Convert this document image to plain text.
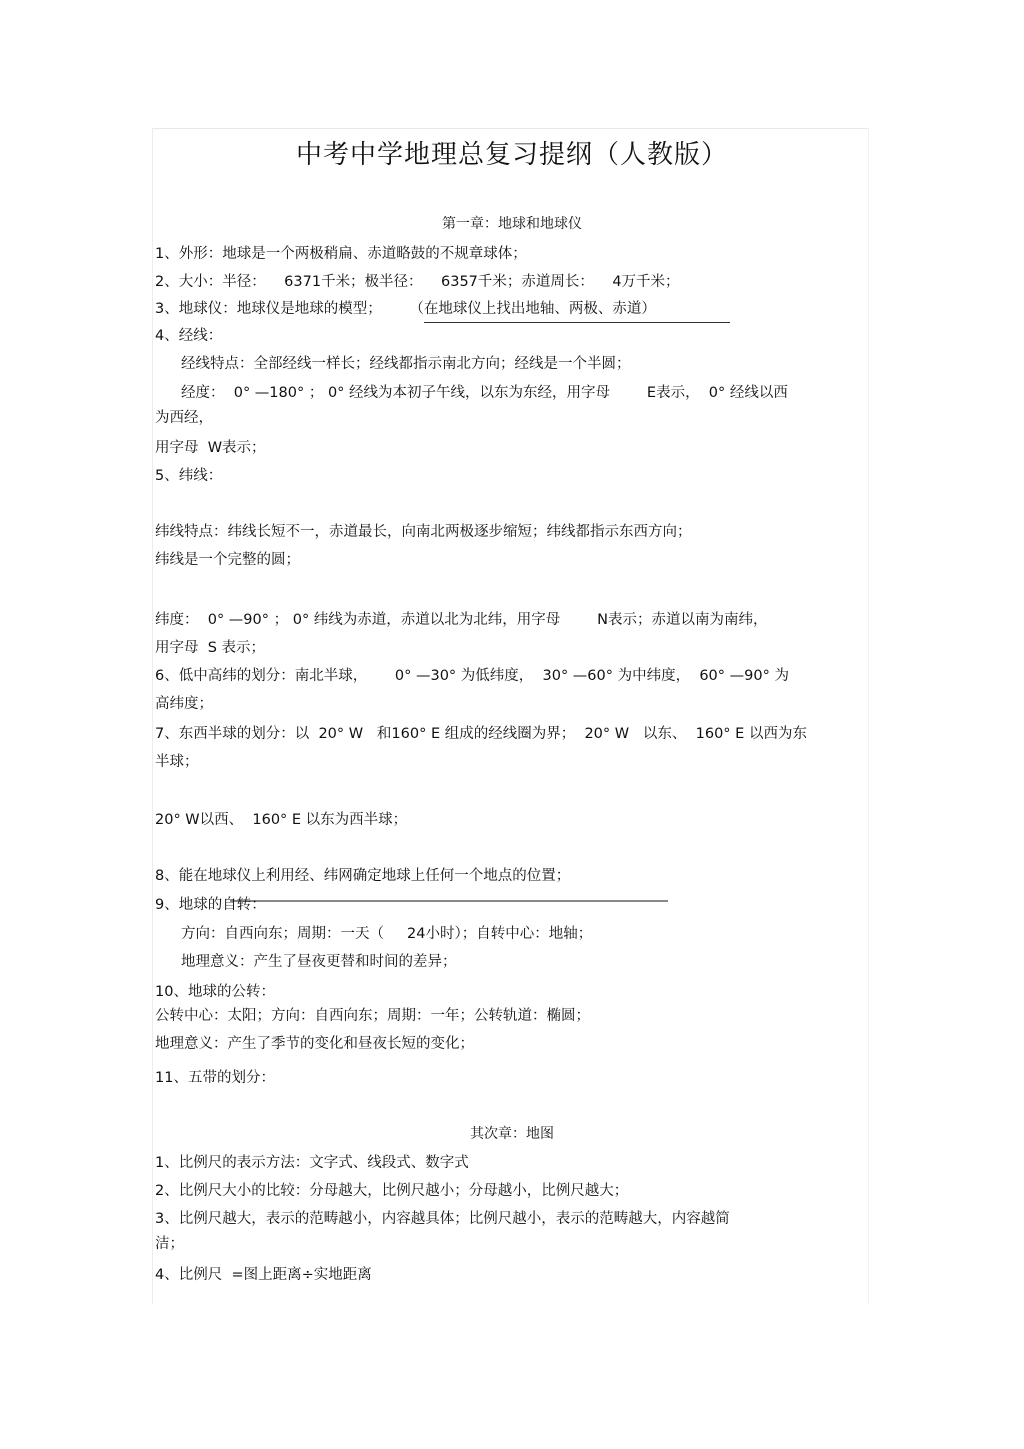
中考中学地理总复习提纲（人教版）
第一章：地球和地球仪
1、外形：地球是一个两极稍扁、赤道略鼓的不规章球体；
2、大小：半径：    6371千米；极半径：    6357千米；赤道周长：    4万千米；
3、地球仪：地球仪是地球的模型；      （在地球仪上找出地轴、两极、赤道）
4、经线：
经线特点：全部经线一样长；经线都指示南北方向；经线是一个半圆；
经度：  0° —180° ； 0° 经线为本初子午线，以东为东经，用字母        E表示，  0° 经线以西
为西经，
用字母  W表示；
5、纬线：
纬线特点：纬线长短不一，赤道最长，向南北两极逐步缩短；纬线都指示东西方向；
纬线是一个完整的圆；
纬度：  0° —90° ； 0° 纬线为赤道，赤道以北为北纬，用字母        N表示；赤道以南为南纬，
用字母  S 表示；
6、低中高纬的划分：南北半球，      0° —30° 为低纬度，  30° —60° 为中纬度，  60° —90° 为
高纬度；
7、东西半球的划分：以  20° W   和160° E 组成的经线圈为界；  20° W   以东、  160° E 以西为东
半球；
20° W以西、  160° E 以东为西半球；
8、能在地球仪上利用经、纬网确定地球上任何一个地点的位置；
9、地球的自转：
方向：自西向东；周期：一天（     24小时）；自转中心：地轴；
地理意义：产生了昼夜更替和时间的差异；
10、地球的公转：
公转中心：太阳；方向：自西向东；周期：一年；公转轨道：椭圆；
地理意义：产生了季节的变化和昼夜长短的变化；
11、五带的划分：
其次章：地图
1、比例尺的表示方法：文字式、线段式、数字式
2、比例尺大小的比较：分母越大，比例尺越小；分母越小，比例尺越大；
3、比例尺越大，表示的范畴越小，内容越具体；比例尺越小，表示的范畴越大，内容越简
洁；
4、比例尺  =图上距离÷实地距离
